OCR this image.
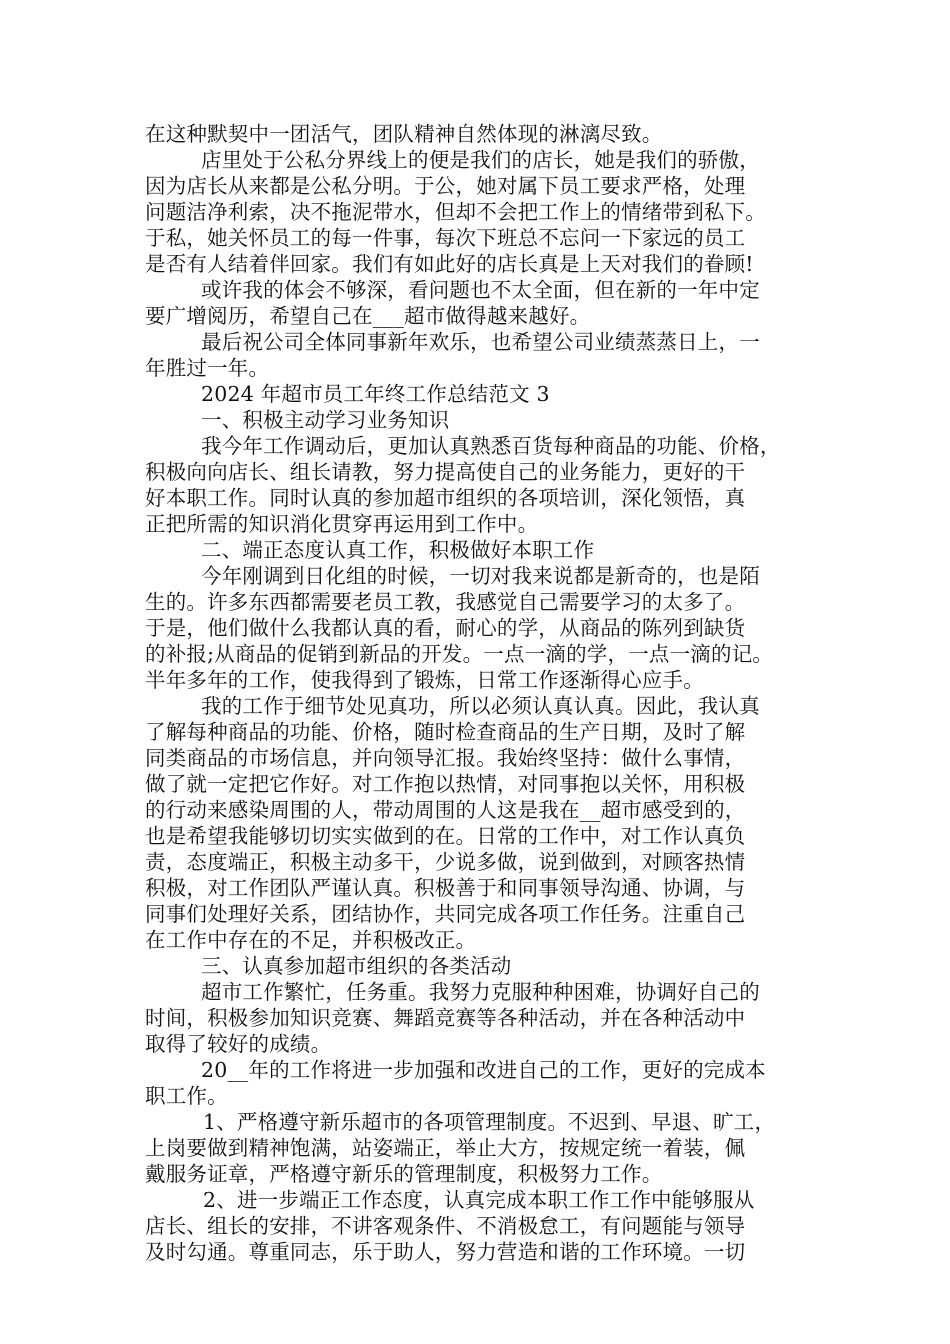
在这种默契中一团活气，团队精神自然体现的淋漓尽致。
店里处于公私分界线上的便是我们的店长，她是我们的骄傲，
因为店长从来都是公私分明。于公，她对属下员工要求严格，处理
问题洁净利索，决不拖泥带水，但却不会把工作上的情绪带到私下。
于私，她关怀员工的每一件事，每次下班总不忘问一下家远的员工
是否有人结着伴回家。我们有如此好的店长真是上天对我们的眷顾!
或许我的体会不够深，看问题也不太全面，但在新的一年中定
要广增阅历，希望自己在___超市做得越来越好。
最后祝公司全体同事新年欢乐，也希望公司业绩蒸蒸日上，一
年胜过一年。
2024 年超市员工年终工作总结范文 3
一、积极主动学习业务知识
我今年工作调动后，更加认真熟悉百货每种商品的功能、价格，
积极向向店长、组长请教，努力提高使自己的业务能力，更好的干
好本职工作。同时认真的参加超市组织的各项培训，深化领悟，真
正把所需的知识消化贯穿再运用到工作中。
二、端正态度认真工作，积极做好本职工作
今年刚调到日化组的时候，一切对我来说都是新奇的，也是陌
生的。许多东西都需要老员工教，我感觉自己需要学习的太多了。
于是，他们做什么我都认真的看，耐心的学，从商品的陈列到缺货
的补报;从商品的促销到新品的开发。一点一滴的学，一点一滴的记。
半年多年的工作，使我得到了锻炼，日常工作逐渐得心应手。
我的工作于细节处见真功，所以必须认真认真。因此，我认真
了解每种商品的功能、价格，随时检查商品的生产日期，及时了解
同类商品的市场信息，并向领导汇报。我始终坚持：做什么事情，
做了就一定把它作好。对工作抱以热情，对同事抱以关怀，用积极
的行动来感染周围的人，带动周围的人这是我在__超市感受到的，
也是希望我能够切切实实做到的在。日常的工作中，对工作认真负
责，态度端正，积极主动多干，少说多做，说到做到，对顾客热情
积极，对工作团队严谨认真。积极善于和同事领导沟通、协调，与
同事们处理好关系，团结协作，共同完成各项工作任务。注重自己
在工作中存在的不足，并积极改正。
三、认真参加超市组织的各类活动
超市工作繁忙，任务重。我努力克服种种困难，协调好自己的
时间，积极参加知识竞赛、舞蹈竞赛等各种活动，并在各种活动中
取得了较好的成绩。
20__年的工作将进一步加强和改进自己的工作，更好的完成本
职工作。
1、严格遵守新乐超市的各项管理制度。不迟到、早退、旷工，
上岗要做到精神饱满，站姿端正，举止大方，按规定统一着装，佩
戴服务证章，严格遵守新乐的管理制度，积极努力工作。
2、进一步端正工作态度，认真完成本职工作工作中能够服从
店长、组长的安排，不讲客观条件、不消极怠工，有问题能与领导
及时勾通。尊重同志，乐于助人，努力营造和谐的工作环境。一切
